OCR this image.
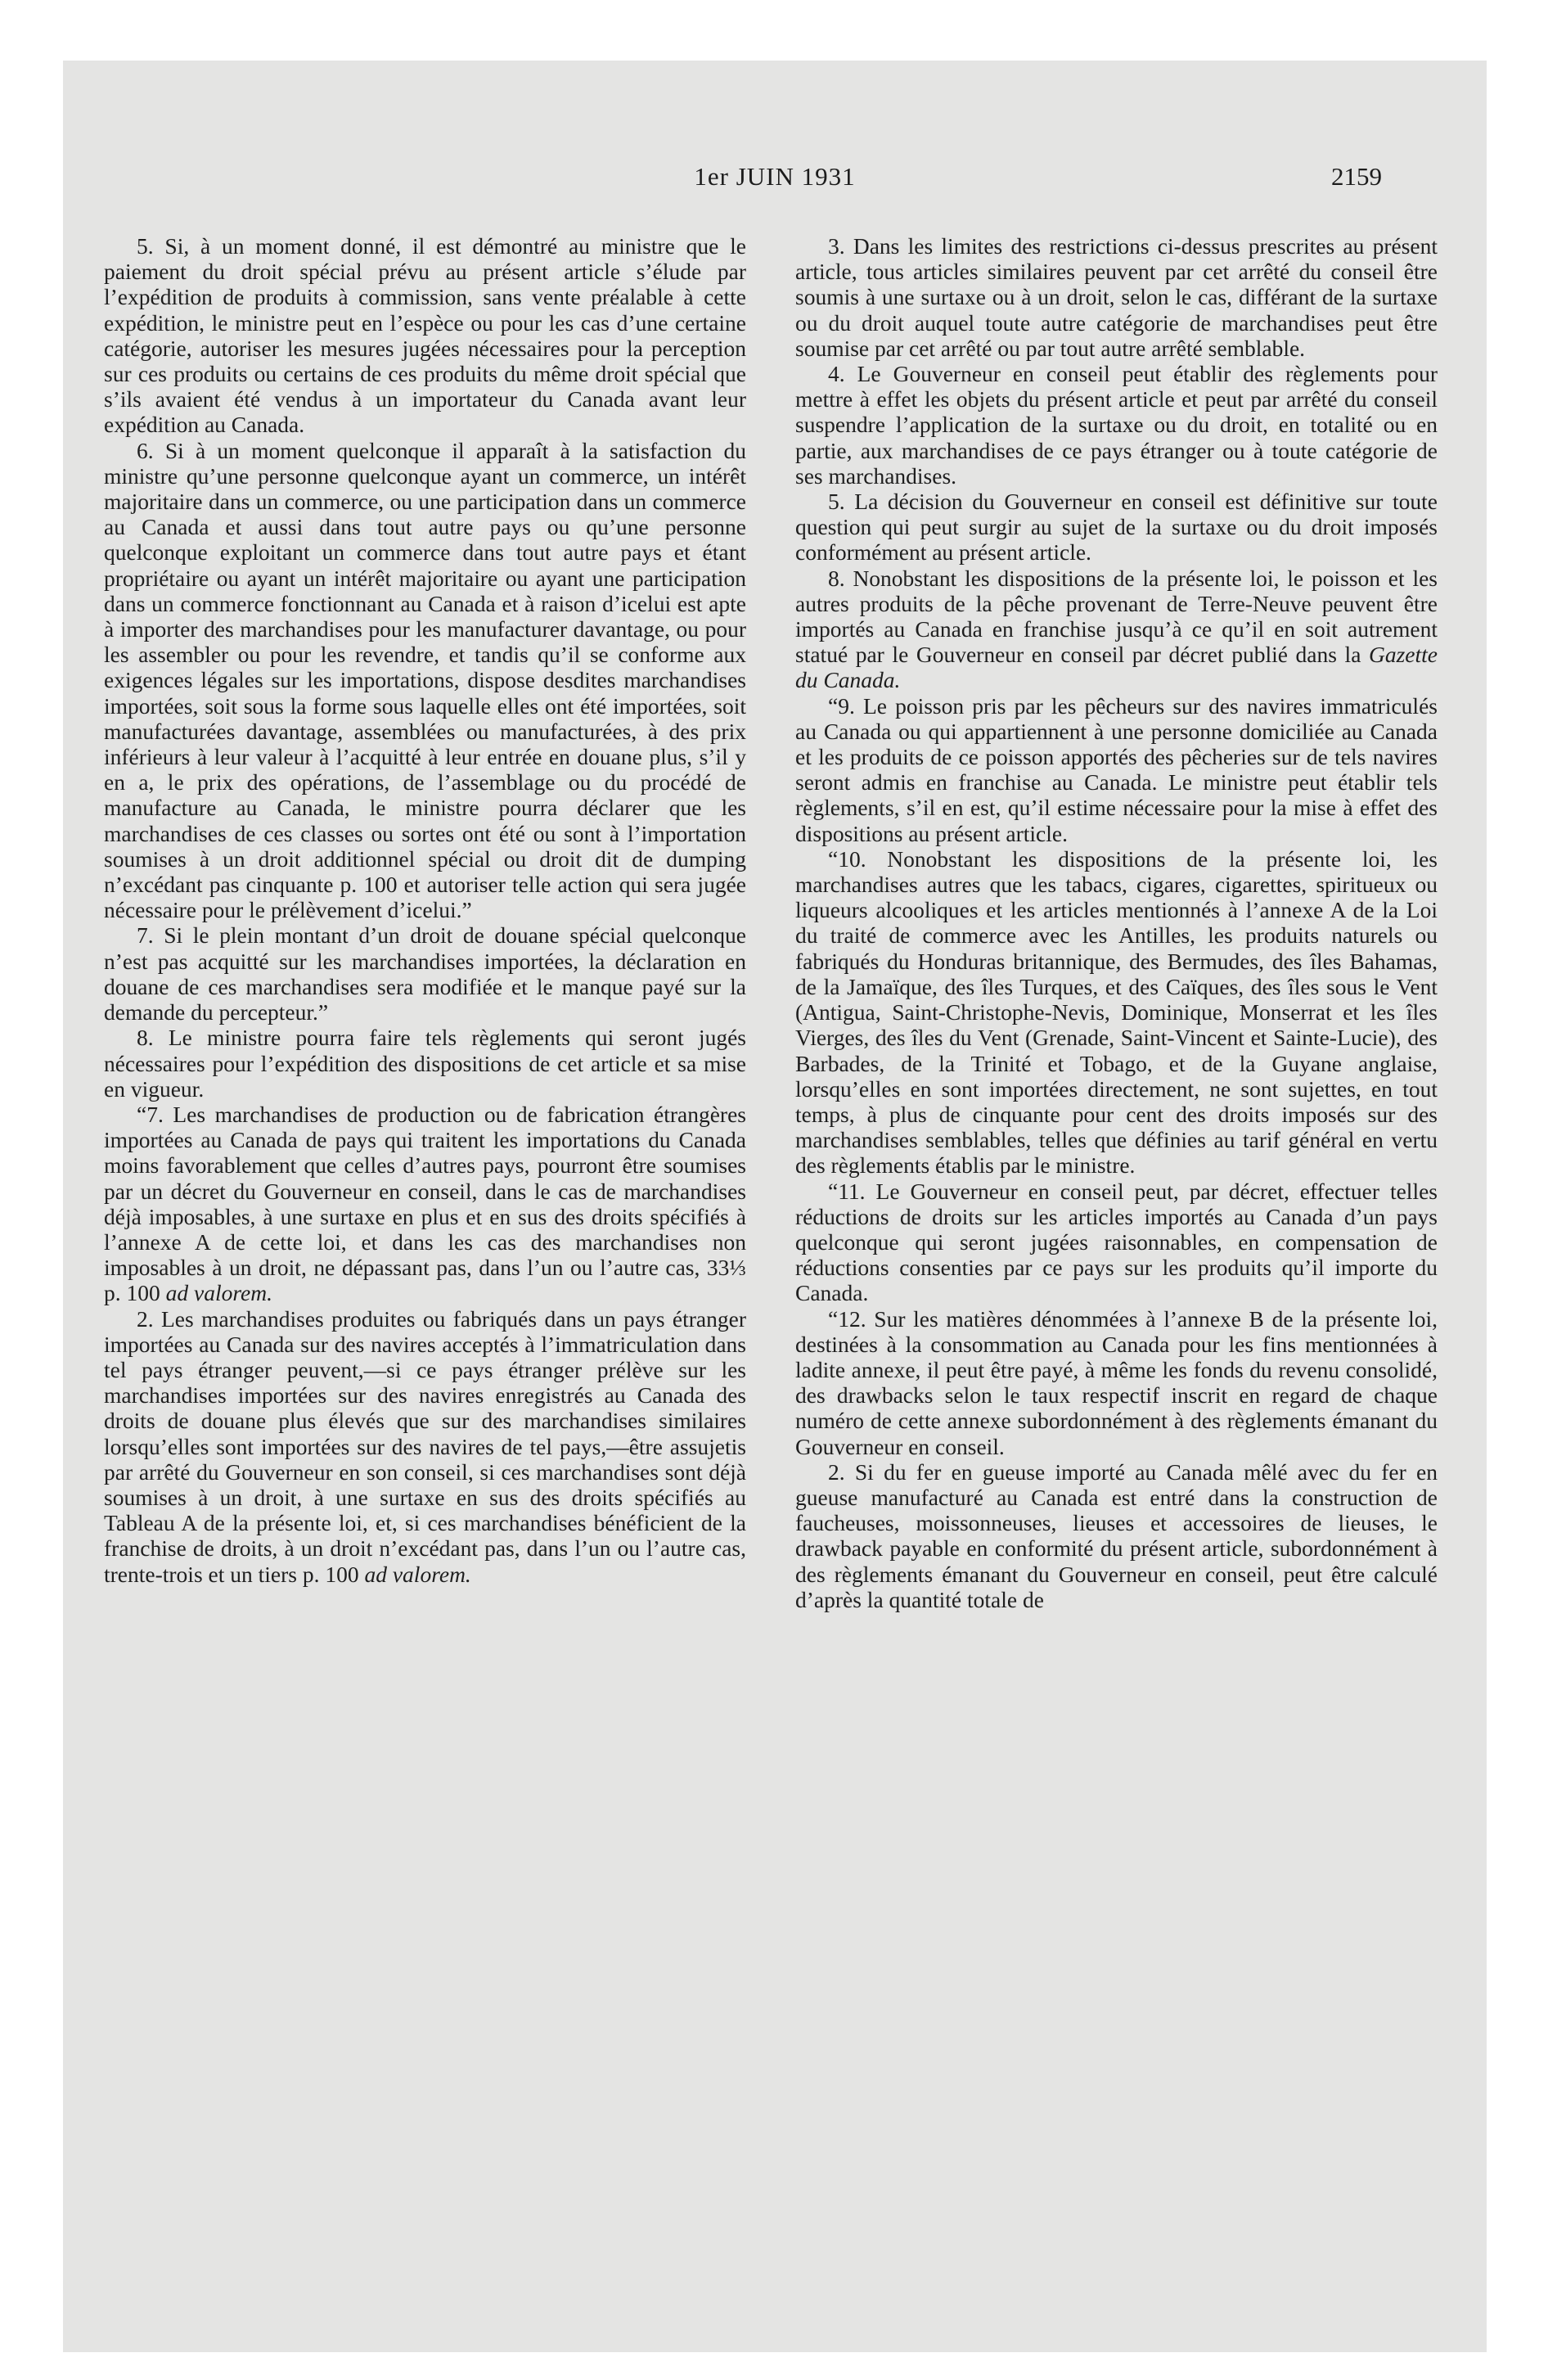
1er JUIN 1931	2159

5. Si, à un moment donné, il est démontré au ministre que le paiement du droit spécial prévu au présent article s’élude par l’expédition de produits à commission, sans vente préalable à cette expédition, le ministre peut en l’espèce ou pour les cas d’une certaine catégorie, autoriser les mesures jugées nécessaires pour la perception sur ces produits ou certains de ces produits du même droit spécial que s’ils avaient été vendus à un importateur du Canada avant leur expédition au Canada.

6. Si à un moment quelconque il apparaît à la satisfaction du ministre qu’une personne quelconque ayant un commerce, un intérêt majoritaire dans un commerce, ou une participation dans un commerce au Canada et aussi dans tout autre pays ou qu’une personne quelconque exploitant un commerce dans tout autre pays et étant propriétaire ou ayant un intérêt majoritaire ou ayant une participation dans un commerce fonctionnant au Canada et à raison d’icelui est apte à importer des marchandises pour les manufacturer davantage, ou pour les assembler ou pour les revendre, et tandis qu’il se conforme aux exigences légales sur les importations, dispose desdites marchandises importées, soit sous la forme sous laquelle elles ont été importées, soit manufacturées davantage, assemblées ou manufacturées, à des prix inférieurs à leur valeur à l’acquitté à leur entrée en douane plus, s’il y en a, le prix des opérations, de l’assemblage ou du procédé de manufacture au Canada, le ministre pourra déclarer que les marchandises de ces classes ou sortes ont été ou sont à l’importation soumises à un droit additionnel spécial ou droit dit de dumping n’excédant pas cinquante p. 100 et autoriser telle action qui sera jugée nécessaire pour le prélèvement d’icelui.”

7. Si le plein montant d’un droit de douane spécial quelconque n’est pas acquitté sur les marchandises importées, la déclaration en douane de ces marchandises sera modifiée et le manque payé sur la demande du percepteur.”

8. Le ministre pourra faire tels règlements qui seront jugés nécessaires pour l’expédition des dispositions de cet article et sa mise en vigueur.

“7. Les marchandises de production ou de fabrication étrangères importées au Canada de pays qui traitent les importations du Canada moins favorablement que celles d’autres pays, pourront être soumises par un décret du Gouverneur en conseil, dans le cas de marchandises déjà imposables, à une surtaxe en plus et en sus des droits spécifiés à l’annexe A de cette loi, et dans les cas des marchandises non imposables à un droit, ne dépassant pas, dans l’un ou l’autre cas, 33⅓ p. 100 ad valorem.

2. Les marchandises produites ou fabriqués dans un pays étranger importées au Canada sur des navires acceptés à l’immatriculation dans tel pays étranger peuvent,—si ce pays étranger prélève sur les marchandises importées sur des navires enregistrés au Canada des droits de douane plus élevés que sur des marchandises similaires lorsqu’elles sont importées sur des navires de tel pays,—être assujetis par arrêté du Gouverneur en son conseil, si ces marchandises sont déjà soumises à un droit, à une surtaxe en sus des droits spécifiés au Tableau A de la présente loi, et, si ces marchandises bénéficient de la franchise de droits, à un droit n’excédant pas, dans l’un ou l’autre cas, trente-trois et un tiers p. 100 ad valorem.

3. Dans les limites des restrictions ci-dessus prescrites au présent article, tous articles similaires peuvent par cet arrêté du conseil être soumis à une surtaxe ou à un droit, selon le cas, différant de la surtaxe ou du droit auquel toute autre catégorie de marchandises peut être soumise par cet arrêté ou par tout autre arrêté semblable.

4. Le Gouverneur en conseil peut établir des règlements pour mettre à effet les objets du présent article et peut par arrêté du conseil suspendre l’application de la surtaxe ou du droit, en totalité ou en partie, aux marchandises de ce pays étranger ou à toute catégorie de ses marchandises.

5. La décision du Gouverneur en conseil est définitive sur toute question qui peut surgir au sujet de la surtaxe ou du droit imposés conformément au présent article.

8. Nonobstant les dispositions de la présente loi, le poisson et les autres produits de la pêche provenant de Terre-Neuve peuvent être importés au Canada en franchise jusqu’à ce qu’il en soit autrement statué par le Gouverneur en conseil par décret publié dans la Gazette du Canada.

“9. Le poisson pris par les pêcheurs sur des navires immatriculés au Canada ou qui appartiennent à une personne domiciliée au Canada et les produits de ce poisson apportés des pêcheries sur de tels navires seront admis en franchise au Canada. Le ministre peut établir tels règlements, s’il en est, qu’il estime nécessaire pour la mise à effet des dispositions au présent article.

“10. Nonobstant les dispositions de la présente loi, les marchandises autres que les tabacs, cigares, cigarettes, spiritueux ou liqueurs alcooliques et les articles mentionnés à l’annexe A de la Loi du traité de commerce avec les Antilles, les produits naturels ou fabriqués du Honduras britannique, des Bermudes, des îles Bahamas, de la Jamaïque, des îles Turques, et des Caïques, des îles sous le Vent (Antigua, Saint-Christophe-Nevis, Dominique, Monserrat et les îles Vierges, des îles du Vent (Grenade, Saint-Vincent et Sainte-Lucie), des Barbades, de la Trinité et Tobago, et de la Guyane anglaise, lorsqu’elles en sont importées directement, ne sont sujettes, en tout temps, à plus de cinquante pour cent des droits imposés sur des marchandises semblables, telles que définies au tarif général en vertu des règlements établis par le ministre.

“11. Le Gouverneur en conseil peut, par décret, effectuer telles réductions de droits sur les articles importés au Canada d’un pays quelconque qui seront jugées raisonnables, en compensation de réductions consenties par ce pays sur les produits qu’il importe du Canada.

“12. Sur les matières dénommées à l’annexe B de la présente loi, destinées à la consommation au Canada pour les fins mentionnées à ladite annexe, il peut être payé, à même les fonds du revenu consolidé, des drawbacks selon le taux respectif inscrit en regard de chaque numéro de cette annexe subordonnément à des règlements émanant du Gouverneur en conseil.

2. Si du fer en gueuse importé au Canada mêlé avec du fer en gueuse manufacturé au Canada est entré dans la construction de faucheuses, moissonneuses, lieuses et accessoires de lieuses, le drawback payable en conformité du présent article, subordonnément à des règlements émanant du Gouverneur en conseil, peut être calculé d’après la quantité totale de
